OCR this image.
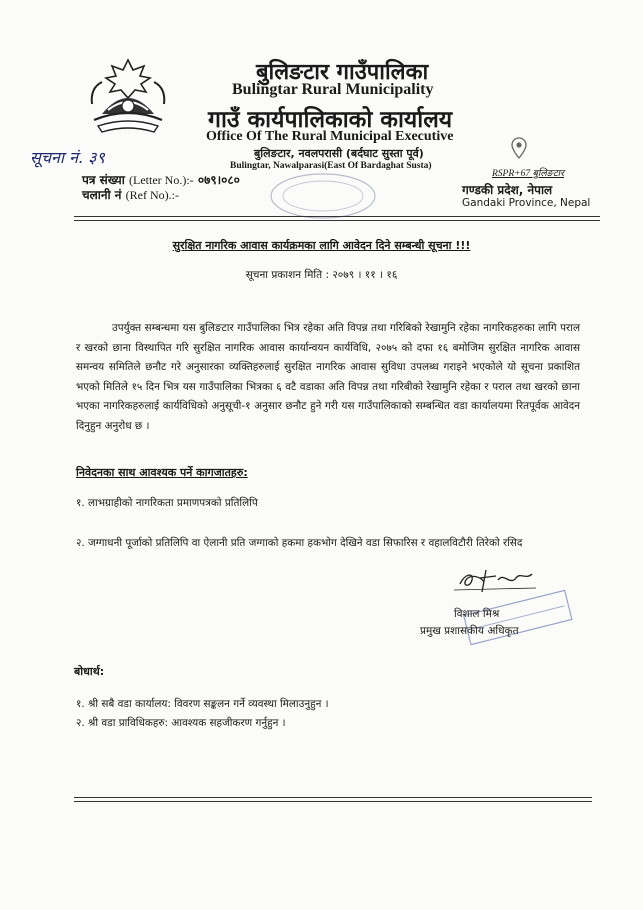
बुलिङटार गाउँपालिका
Bulingtar Rural Municipality
गाउँ कार्यपालिकाको कार्यालय
Office Of The Rural Municipal Executive
बुलिङटार, नवलपरासी (बर्दघाट सुस्ता पूर्व)
Bulingtar, Nawalparasi(East Of Bardaghat Susta)
सूचना नं. ३९
पत्र संख्या (Letter No.):- ०७९।०८०
चलानी नं (Ref No).:-
RSPR+67 बुलिङटार
गण्डकी प्रदेश, नेपाल
Gandaki Province, Nepal
सुरक्षित नागरिक आवास कार्यक्रमका लागि आवेदन दिने सम्बन्धी सूचना !!!
सूचना प्रकाशन मिति : २०७९ । ११ । १६
उपर्युक्त सम्बन्धमा यस बुलिङटार गाउँपालिका भित्र रहेका अति विपन्न तथा गरिबिको रेखामुनि रहेका नागरिकहरुका लागि पराल र खरको छाना विस्थापित गरि सुरक्षित नागरिक आवास कार्यान्वयन कार्यविधि, २०७५ को दफा १६ बमोजिम सुरक्षित नागरिक आवास समन्वय समितिले छनौट गरे अनुसारका व्यक्तिहरुलाई सुरक्षित नागरिक आवास सुविधा उपलब्ध गराइने भएकोले यो सूचना प्रकाशित भएको मितिले १५ दिन भित्र यस गाउँपालिका भित्रका ६ वटै वडाका अति विपन्न तथा गरिबीको रेखामुनि रहेका र पराल तथा खरको छाना भएका नागरिकहरुलाई कार्यविधिको अनुसूची-१ अनुसार छनौट हुने गरी यस गाउँपालिकाको सम्बन्धित वडा कार्यालयमा रितपूर्वक आवेदन दिनुहुन अनुरोध छ ।
निवेदनका साथ आवश्यक पर्ने कागजातहरु:
१. लाभग्राहीको नागरिकता प्रमाणपत्रको प्रतिलिपि
२. जग्गाधनी पूर्जाको प्रतिलिपि वा ऐलानी प्रति जग्गाको हकमा हकभोग देखिने वडा सिफारिस र वहालविटौरी तिरेको रसिद
विशाल मिश्र
प्रमुख प्रशासकीय अधिकृत
बोधार्थ:
१. श्री सबै वडा कार्यालय: विवरण सङ्कलन गर्ने व्यवस्था मिलाउनुहुन ।
२. श्री वडा प्राविधिकहरु: आवश्यक सहजीकरण गर्नुहुन ।
